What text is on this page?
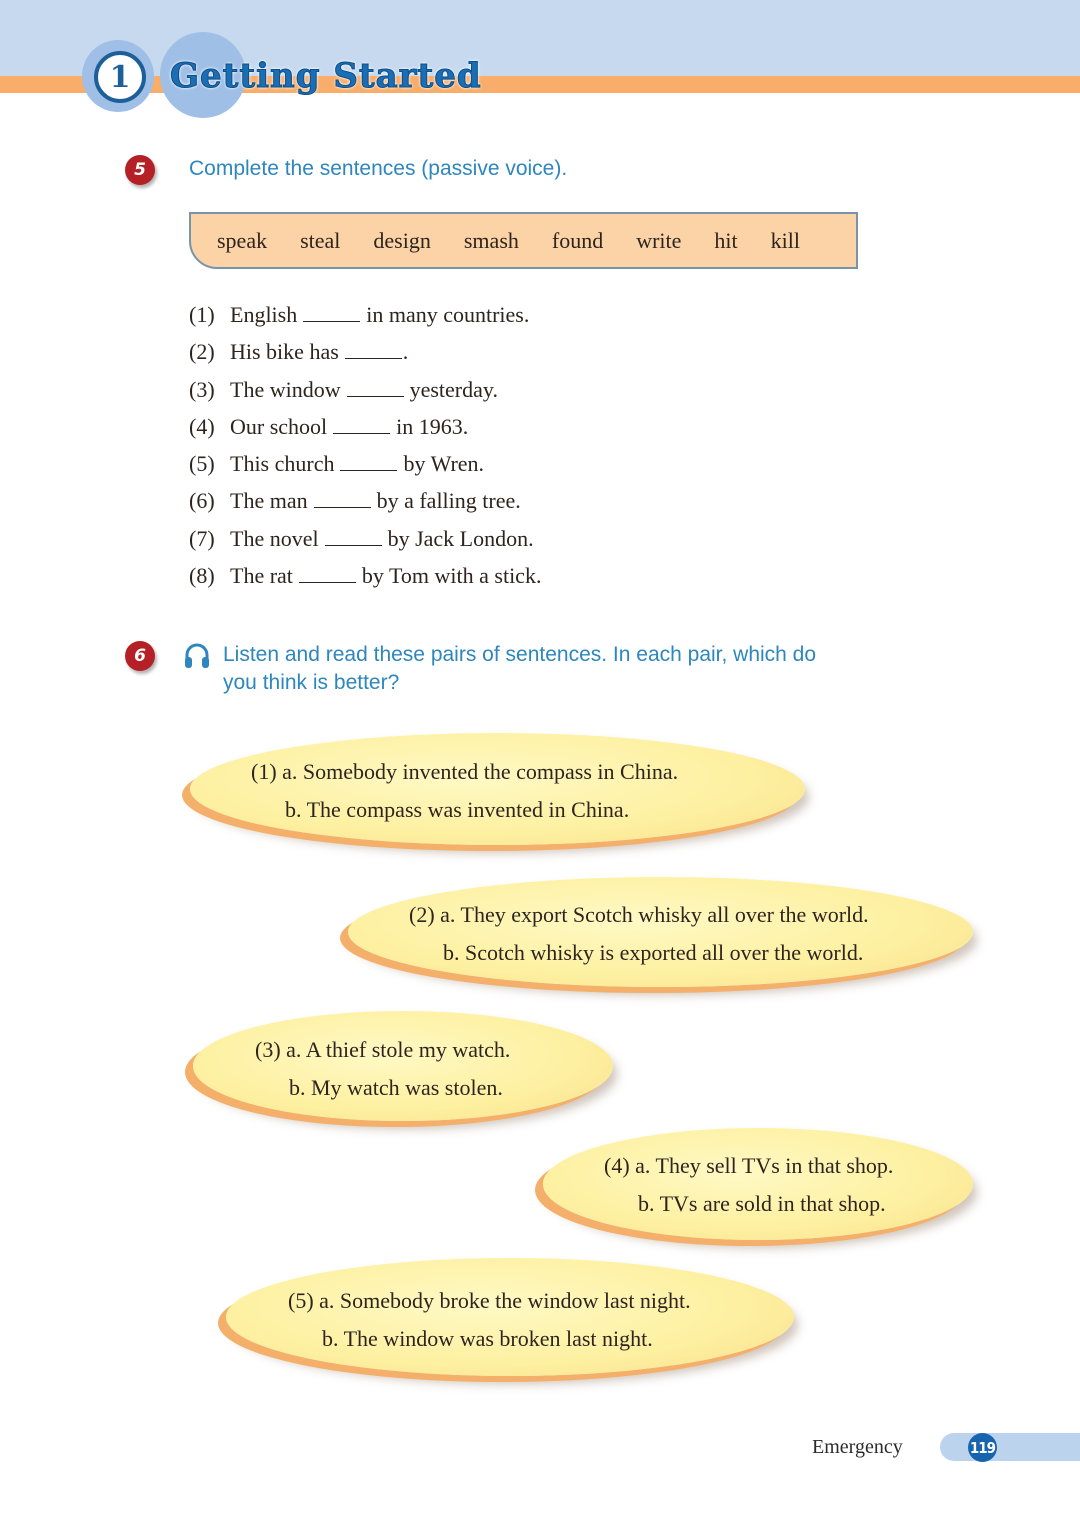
1	Getting Started
5	Complete the sentences (passive voice).
speak steal design smash found write hit kill
(1) English	in many countries.
(2) His bike has	.
(3) The window	yesterday.
(4) Our school	in 1963.
(5) This church	by Wren.
(6) The man	by a falling tree.
(7) The novel	by Jack London.
(8) The rat	by Tom with a stick.
6	Listen and read these pairs of sentences. In each pair, which do
you think is better?
(1) a. Somebody invented the compass in China.
b. The compass was invented in China.
(2) a. They export Scotch whisky all over the world.
b. Scotch whisky is exported all over the world.
(3) a. A thief stole my watch.
b. My watch was stolen.
(4) a. They sell TVs in that shop.
b. TVs are sold in that shop.
(5) a. Somebody broke the window last night.
b. The window was broken last night.
Emergency	119
